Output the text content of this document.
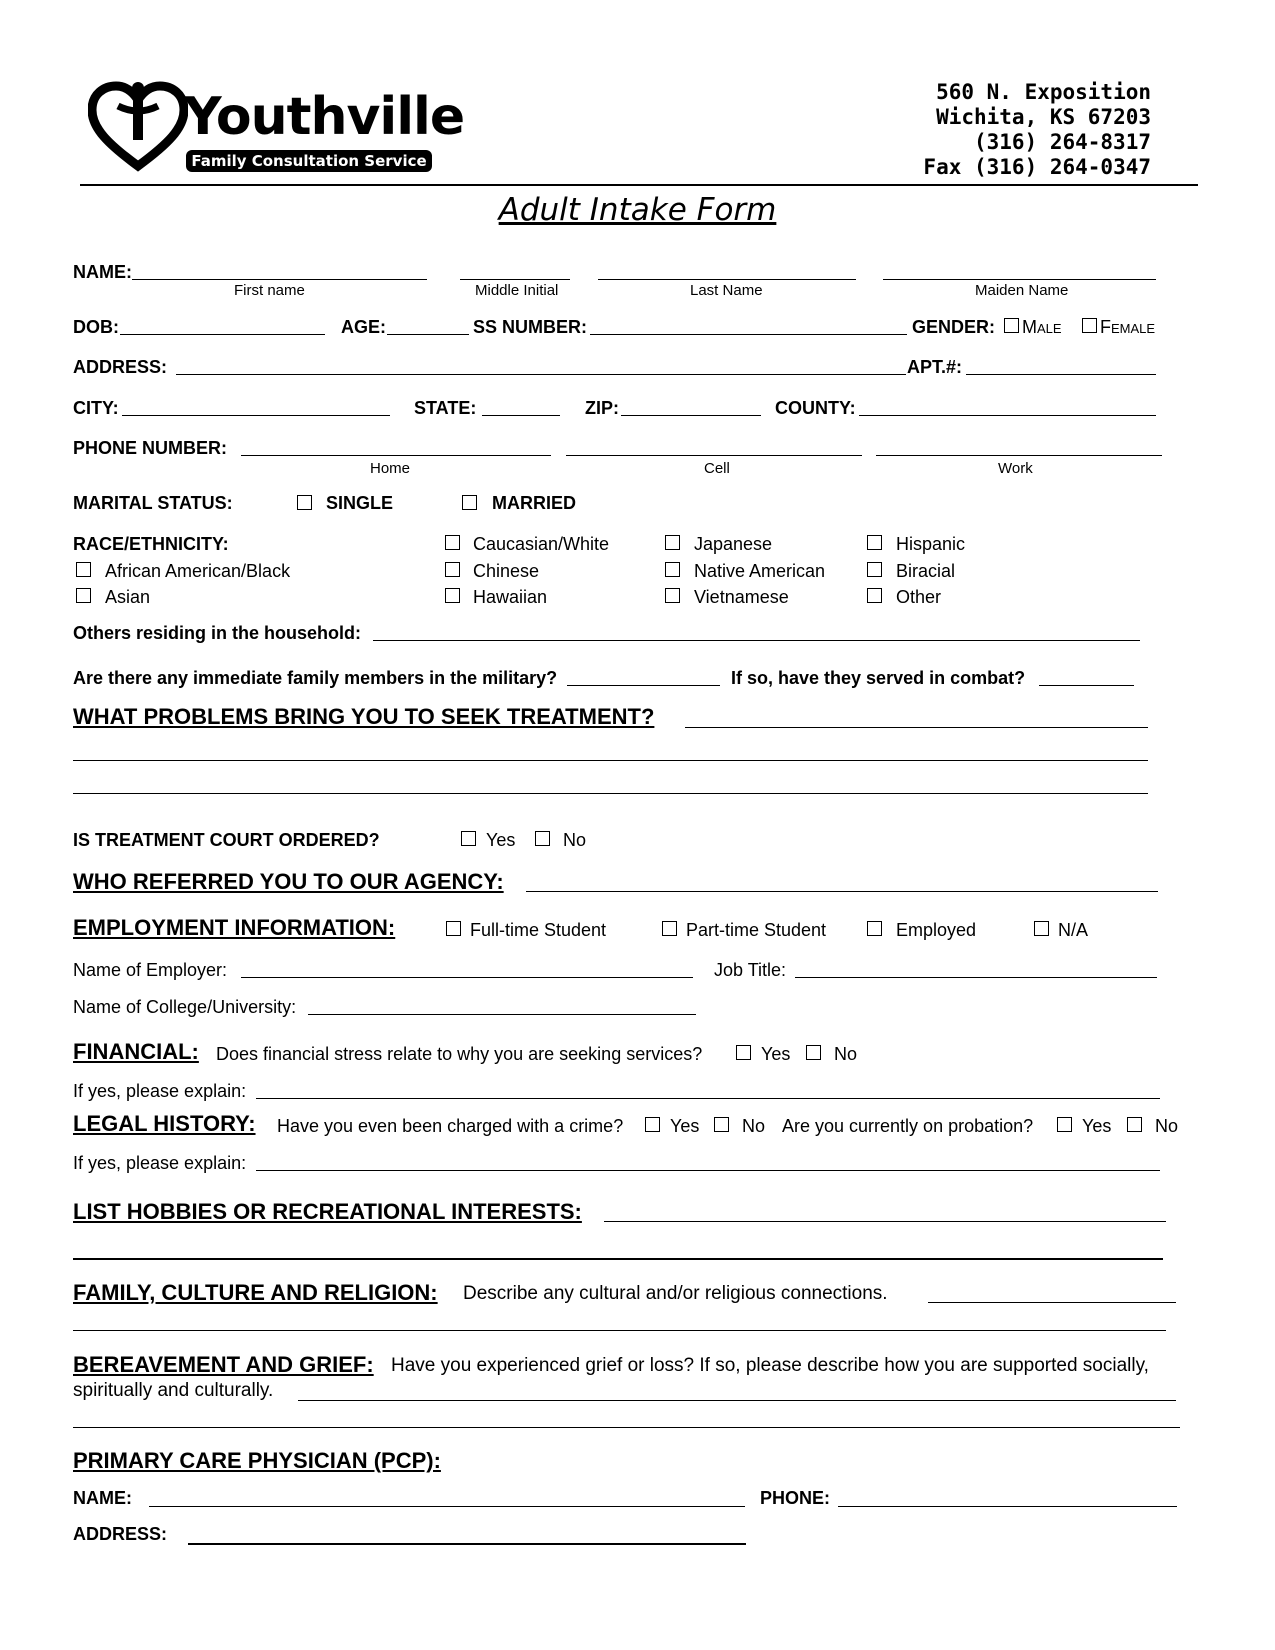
Youthville
Family Consultation Service
560 N. Exposition
Wichita, KS 67203
(316) 264-8317
Fax (316) 264-0347
Adult Intake Form
NAME:
First name	Middle Initial	Last Name	Maiden Name
DOB:	AGE:	SS NUMBER:	GENDER: Male Female
ADDRESS:	APT.#:
CITY:	STATE:	ZIP:	COUNTY:
PHONE NUMBER:
Home	Cell	Work
MARITAL STATUS:	SINGLE	MARRIED
RACE/ETHNICITY:	Caucasian/White	Japanese	Hispanic
African American/Black	Chinese	Native American	Biracial
Asian	Hawaiian	Vietnamese	Other
Others residing in the household:
Are there any immediate family members in the military?	If so, have they served in combat?
WHAT PROBLEMS BRING YOU TO SEEK TREATMENT?
IS TREATMENT COURT ORDERED?	Yes	No
WHO REFERRED YOU TO OUR AGENCY:
EMPLOYMENT INFORMATION:	Full-time Student	Part-time Student	Employed	N/A
Name of Employer:	Job Title:
Name of College/University:
FINANCIAL: Does financial stress relate to why you are seeking services?	Yes No
If yes, please explain:
LEGAL HISTORY: Have you even been charged with a crime?	Yes No Are you currently on probation?	Yes No
If yes, please explain:
LIST HOBBIES OR RECREATIONAL INTERESTS:
FAMILY, CULTURE AND RELIGION: Describe any cultural and/or religious connections.
BEREAVEMENT AND GRIEF: Have you experienced grief or loss? If so, please describe how you are supported socially,
spiritually and culturally.
PRIMARY CARE PHYSICIAN (PCP):
NAME:	PHONE:
ADDRESS:
